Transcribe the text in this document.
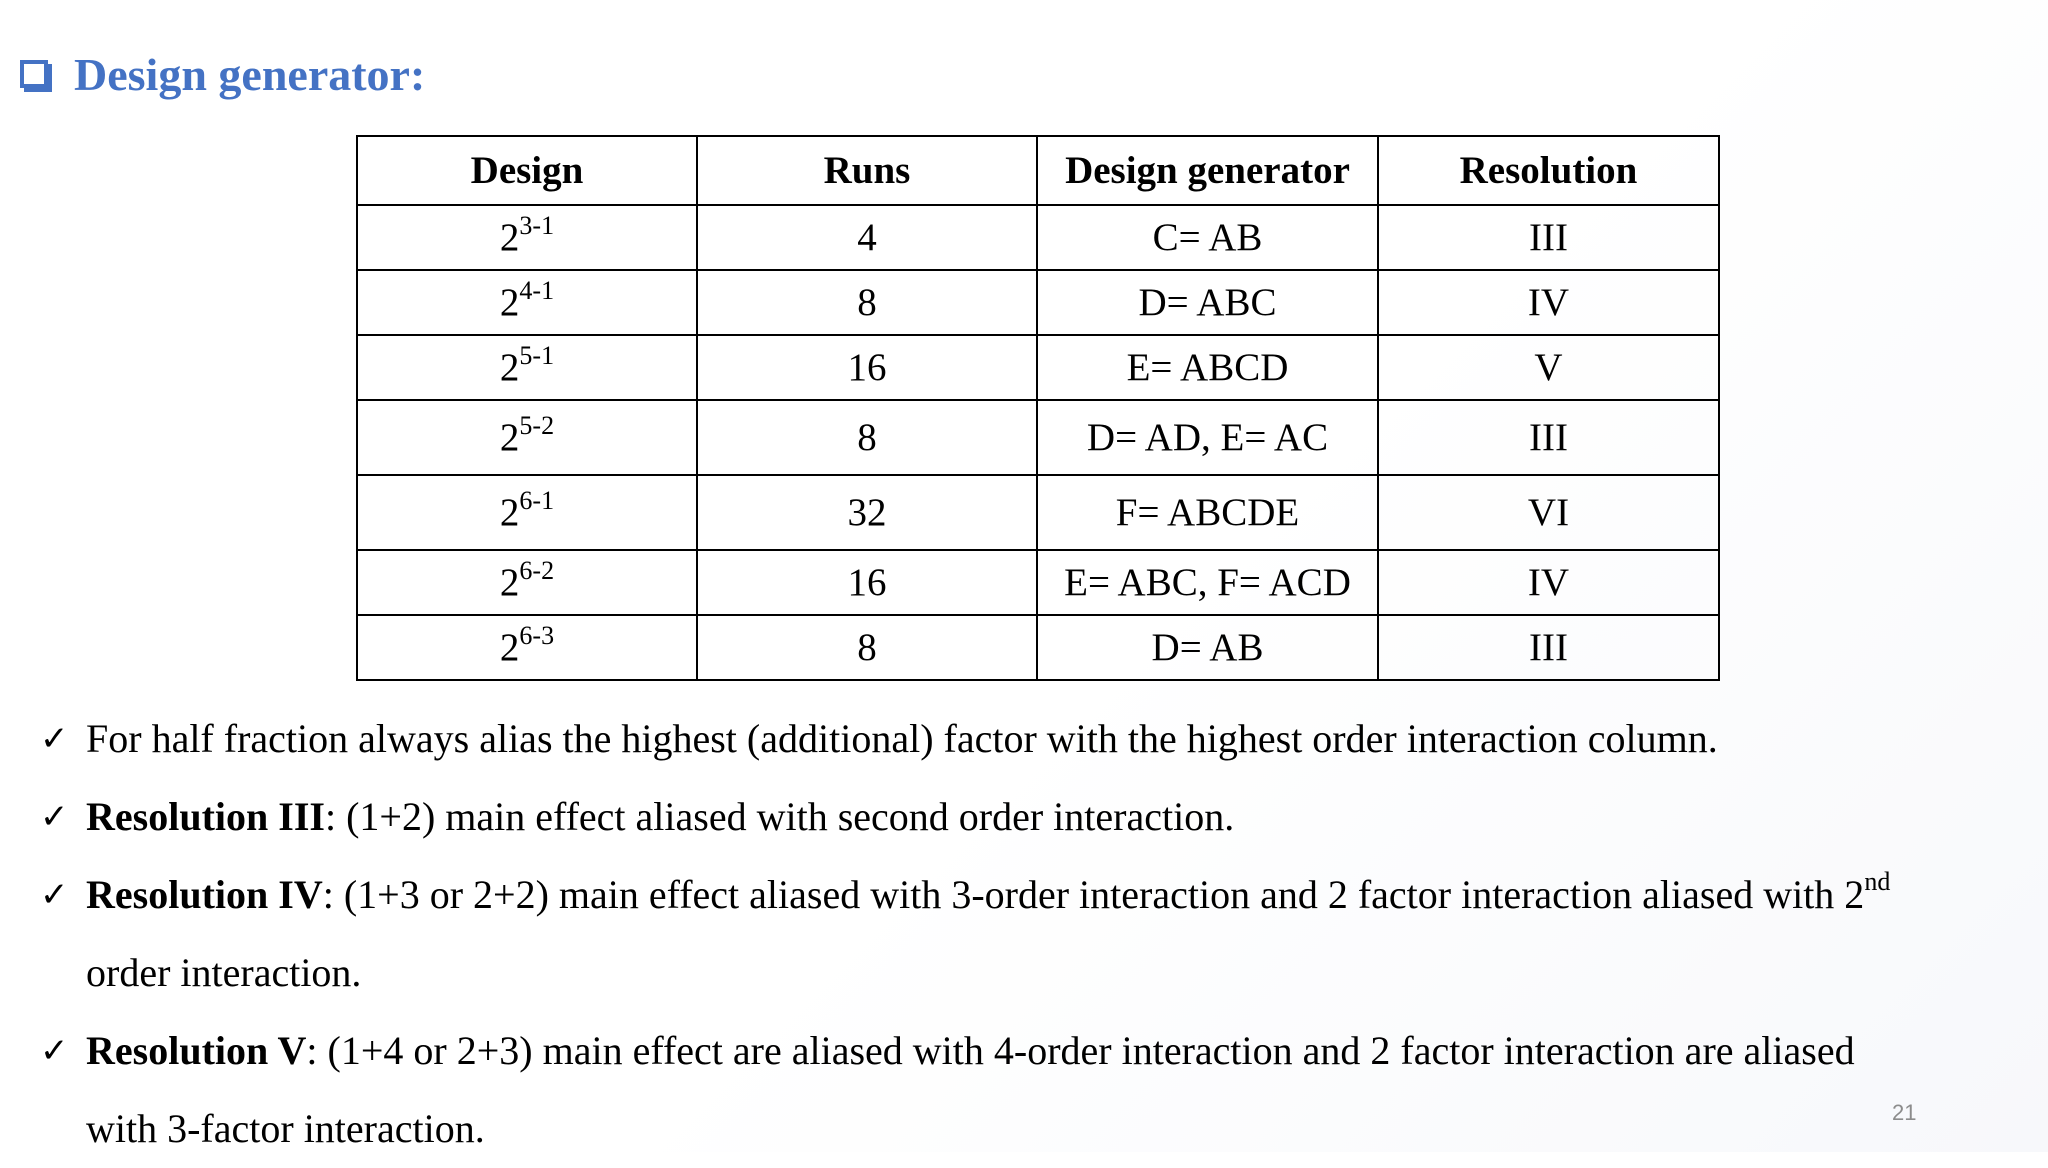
Design generator:
Design	Runs	Design generator	Resolution
2$^{3-1}$	4	C= AB	III
2$^{4-1}$	8	D= ABC	IV
2$^{5-1}$	16	E= ABCD	V
2$^{5-2}$	8	D= AD, E= AC	III
2$^{6-1}$	32	F= ABCDE	VI
2$^{6-2}$	16	E= ABC, F= ACD	IV
2$^{6-3}$	8	D= AB	III
✓ For half fraction always alias the highest (additional) factor with the highest order interaction column.
✓ Resolution III: (1+2) main effect aliased with second order interaction.
✓ Resolution IV: (1+3 or 2+2) main effect aliased with 3-order interaction and 2 factor interaction aliased with 2nd
order interaction.
✓ Resolution V: (1+4 or 2+3) main effect are aliased with 4-order interaction and 2 factor interaction are aliased
with 3-factor interaction.	21
